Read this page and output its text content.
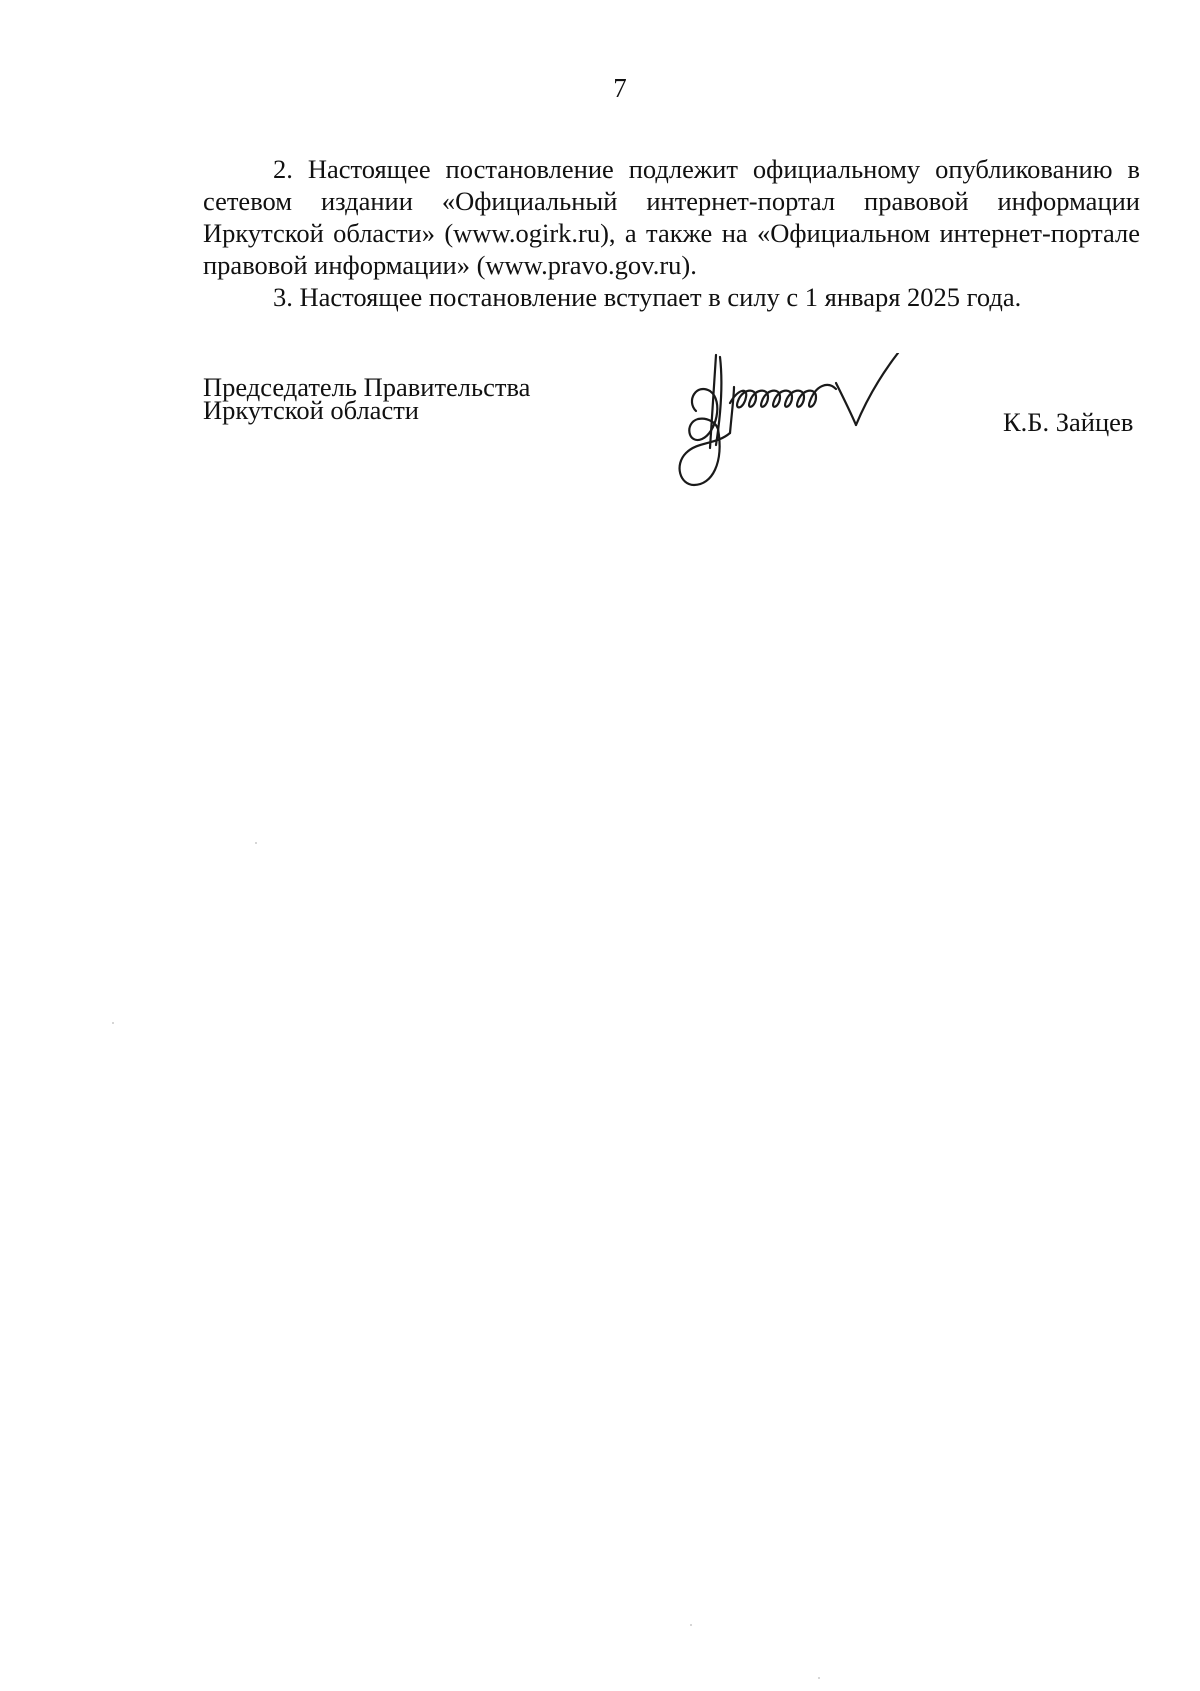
7

2. Настоящее постановление подлежит официальному опубликованию в сетевом издании «Официальный интернет-портал правовой информации Иркутской области» (www.ogirk.ru), а также на «Официальном интернет-портале правовой информации» (www.pravo.gov.ru).

3. Настоящее постановление вступает в силу с 1 января 2025 года.

Председатель Правительства
Иркутской области	К.Б. Зайцев
